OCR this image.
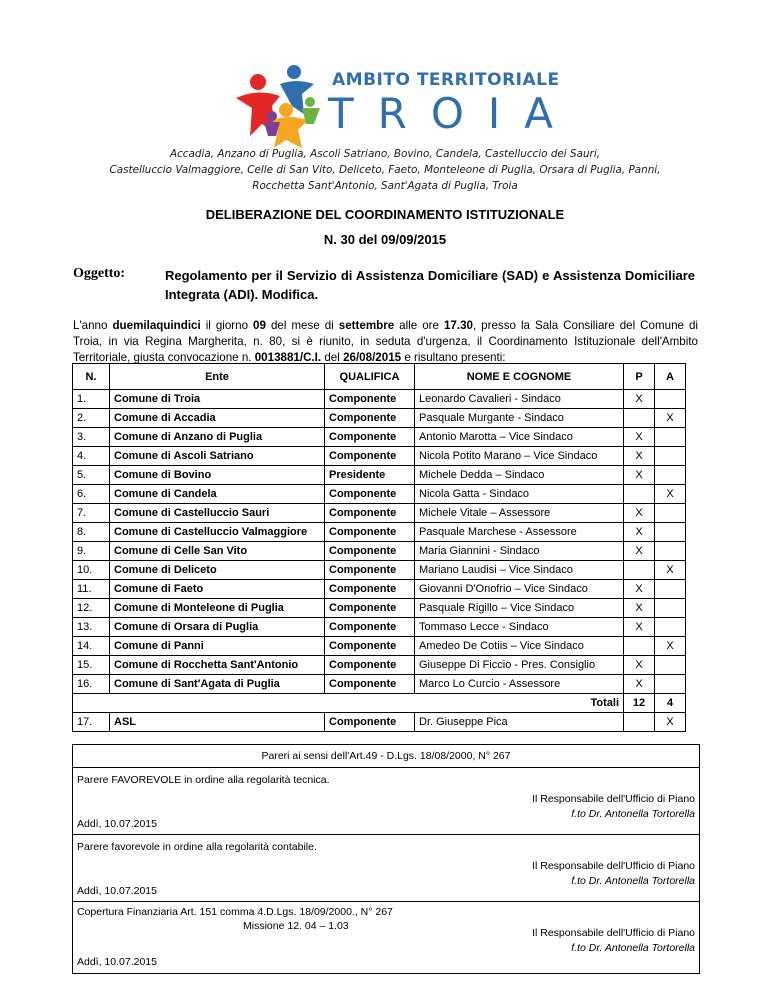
AMBITO TERRITORIALE
TROIA
Accadia, Anzano di Puglia, Ascoli Satriano, Bovino, Candela, Castelluccio dei Sauri,
Castelluccio Valmaggiore, Celle di San Vito, Deliceto, Faeto, Monteleone di Puglia, Orsara di Puglia, Panni,
Rocchetta Sant'Antonio, Sant'Agata di Puglia, Troia
DELIBERAZIONE DEL COORDINAMENTO ISTITUZIONALE
N. 30 del 09/09/2015
Oggetto:	Regolamento per il Servizio di Assistenza Domiciliare (SAD) e Assistenza Domiciliare Integrata (ADI). Modifica.
L'anno duemilaquindici il giorno 09 del mese di settembre alle ore 17.30, presso la Sala Consiliare del Comune di Troia, in via Regina Margherita, n. 80, si è riunito, in seduta d'urgenza, il Coordinamento Istituzionale dell'Ambito Territoriale, giusta convocazione n. 0013881/C.I. del 26/08/2015 e risultano presenti:
N.	Ente	QUALIFICA	NOME E COGNOME	P	A
1.	Comune di Troia	Componente	Leonardo Cavalieri - Sindaco	X	
2.	Comune di Accadia	Componente	Pasquale Murgante - Sindaco		X
3.	Comune di Anzano di Puglia	Componente	Antonio Marotta – Vice Sindaco	X	
4.	Comune di Ascoli Satriano	Componente	Nicola Potito Marano – Vice Sindaco	X	
5.	Comune di Bovino	Presidente	Michele Dedda – Sindaco	X	
6.	Comune di Candela	Componente	Nicola Gatta - Sindaco		X
7.	Comune di Castelluccio Sauri	Componente	Michele Vitale – Assessore	X	
8.	Comune di Castelluccio Valmaggiore	Componente	Pasquale Marchese - Assessore	X	
9.	Comune di Celle San Vito	Componente	Maria Giannini - Sindaco	X	
10.	Comune di Deliceto	Componente	Mariano Laudisi – Vice Sindaco		X
11.	Comune di Faeto	Componente	Giovanni D'Onofrio – Vice Sindaco	X	
12.	Comune di Monteleone di Puglia	Componente	Pasquale Rigillo – Vice Sindaco	X	
13.	Comune di Orsara di Puglia	Componente	Tommaso Lecce - Sindaco	X	
14.	Comune di Panni	Componente	Amedeo De Cotiis – Vice Sindaco		X
15.	Comune di Rocchetta Sant'Antonio	Componente	Giuseppe Di Ficcio - Pres. Consiglio	X	
16.	Comune di Sant'Agata di Puglia	Componente	Marco Lo Curcio - Assessore	X	
Totali				12	4
17.	ASL	Componente	Dr. Giuseppe Pica		X
Pareri ai sensi dell'Art.49 - D.Lgs. 18/08/2000, N° 267
Parere FAVOREVOLE in ordine alla regolarità tecnica.
Il Responsabile dell'Ufficio di Piano
f.to Dr. Antonella Tortorella
Addì, 10.07.2015
Parere favorevole in ordine alla regolarità contabile.
Il Responsabile dell'Ufficio di Piano
f.to Dr. Antonella Tortorella
Addì, 10.07.2015
Copertura Finanziaria Art. 151 comma 4.D.Lgs. 18/09/2000., N° 267
Missione 12. 04 – 1.03
Il Responsabile dell'Ufficio di Piano
f.to Dr. Antonella Tortorella
Addì, 10.07.2015
